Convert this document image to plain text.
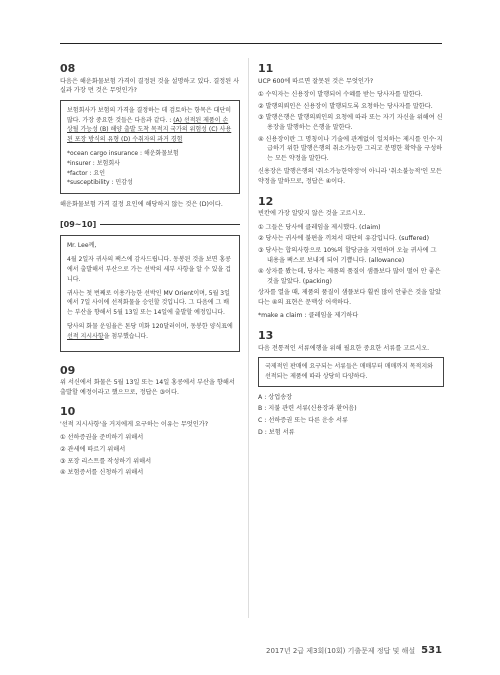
08
다음은 해운화물보험 가격이 결정된 것을 설명하고 있다. 결정된 사실과 가장 먼 것은 무엇인가?

보험회사가 보험의 가격을 결정하는 데 검토하는 항목은 대단히 많다. 가장 중요한 것들은 다음과 같다. : (A) 선적된 제품이 손상될 가능성 (B) 해양 출발 도착 목적지 국가의 위험성 (C) 사용된 포장 방식의 유형 (D) 수취자의 과거 경험

*ocean cargo insurance : 해운화물보험
*insurer : 보험회사
*factor : 요인
*susceptibility : 민감성
해운화물보험 가격 결정 요인에 해당하지 않는 것은 (D)이다.
[09~10]

Mr. Lee께,

4월 2일자 귀사의 팩스에 감사드립니다. 동봉된 것을 보면 홍콩에서 출발해서 부산으로 가는 선박의 세부 사항을 알 수 있을 겁니다.

귀사는 첫 번째로 이용가능한 선박인 MV Orient이며, 5월 3일에서 7일 사이에 선적화물을 승인할 것입니다. 그 다음에 그 배는 부산을 향해서 5월 13일 또는 14일에 출발할 예정입니다.

당사의 화물 운임율은 톤당 미화 120달러이며, 동봉한 양식표에 선적 지시사항을 첨부했습니다.

09
위 서신에서 화물은 5월 13일 또는 14일 홍콩에서 부산을 향해서 출발할 예정이라고 했으므로, 정답은 ③이다.
10
'선적 지시사항'을 거지에게 요구하는 이유는 무엇인가?
① 선하증권을 준비하기 위해서
② 관세에 따르기 위해서
③ 포장 리스트를 작성하기 위해서
④ 보험증서를 신청하기 위해서
11
UCP 600에 따르면 잘못된 것은 무엇인가?
① 수익자는 신용장이 발행되어 수혜를 받는 당사자를 말한다.
② 발행의뢰인은 신용장이 발행되도록 요청하는 당사자를 말한다.
③ 발행은행은 발행의뢰인의 요청에 따라 또는 자기 자신을 위해여 신용장을 발행하는 은행을 말한다.
④ 신용장이란 그 명칭이나 기술에 관계없이 일치하는 제시를 인수·지급하기 위한 발행은행의 취소가능한 그리고 분명한 확약을 구성하는 모든 약정을 말한다.
신용장은 발행은행의 '취소가능한약정'이 아니라 '취소불능적'인 모든 약정을 말하므로, 정답은 ④이다.
12
빈칸에 가장 알맞지 않은 것을 고르시오.
① 그들은 당사에 클레임을 제시했다. (claim)
② 당사는 귀사에 불편을 끼쳐서 대단히 유감입니다. (suffered)
③ 당사는 합의사항으로 10%의 할당금을 지연하며 오늘 귀사에 그 내용을 팩스로 보내게 되어 기쁩니다. (allowance)
④ 상자를 봤는데, 당사는 제품의 품질이 샘플보다 많이 떨어 안 좋은 것을 알았다. (packing)
상자를 열을 때, 제품의 품질이 샘플보다 훨씬 많이 안좋은 것을 알았다는 ④의 표현은 문맥상 어색하다.
*make a claim : 클레임을 제기하다
13
다음 전통적인 서류에행을 위해 필요한 중요한 서류를 고르시오.
국제적인 판매에 요구되는 서류들은 매매부터 매매까지 목적지와 선적되는 제품에 따라 상당히 다양하다.
A : 상업송장
B : 지불 관련 서류(신용장과 환어음)
C : 선하증권 또는 다른 운송 서류
D : 보험 서류
2017년 2급 제3회(10회) 기출문제 정답 및 해설 531
